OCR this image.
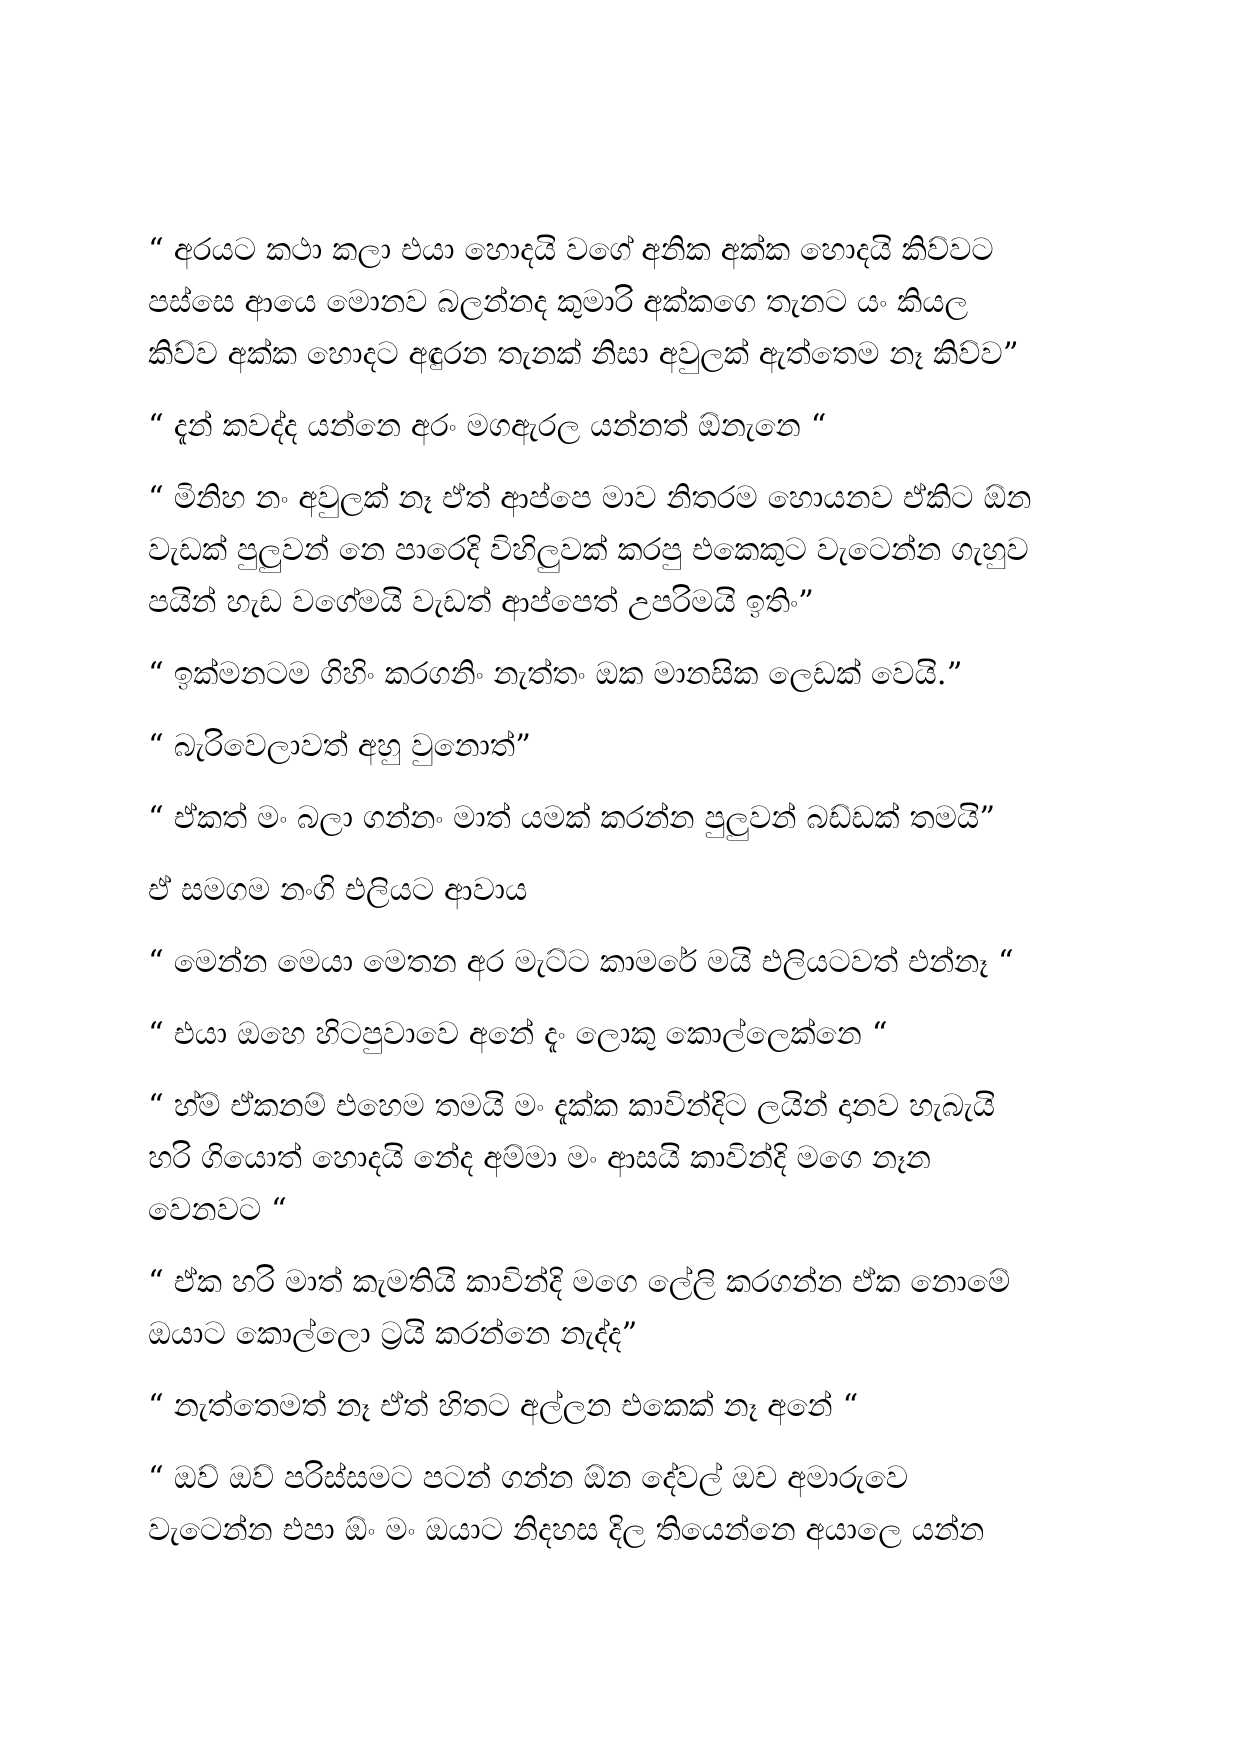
“ අරයට කථා කලා එයා හොදයි වගේ අනික අක්ක හොදයි කිව්වට
පස්සෙ ආයෙ මොනව බලන්නද කුමාරි අක්කගෙ තැනට යං කියල
කිව්ව අක්ක හොදට අඳුරන තැනක් නිසා අවුලක් ඇත්තෙම නෑ කිව්ව”

“ දැන් කවද්ද යන්නෙ අරං මගඇරල යන්නත් ඕනැනෙ “

“ මිනිහ නං අවුලක් නෑ ඒත් ආප්පෙ මාව නිතරම හොයනව ඒකිට ඕන
වැඩක් පුලුවන් නෙ පාරෙදි විහිලුවක් කරපු එකෙකුට වැටෙන්න ගැහුව
පයින් හැඩ වගේමයි වැඩත් ආප්පෙත් උපරිමයි ඉතිං”

“ ඉක්මනටම ගිහිං කරගනිං නැත්තං ඔක මානසික ලෙඩක් වෙයි.”

“ බැරිවෙලාවත් අහු වුනොත්”

“ ඒකත් මං බලා ගන්නං මාත් යමක් කරන්න පුලුවන් බඩ්ඩක් තමයි”

ඒ සමගම නංගි එලියට ආවාය

“ මෙන්න මෙයා මෙතන අර මැට්ට කාමරේ මයි එලියටවත් එන්නෑ “

“ එයා ඔහෙ හිටපුවාවෙ අනේ දැං ලොකු කොල්ලෙක්නෙ “

“ හ්ම් ඒකනම් එහෙම තමයි මං දැක්ක කාවින්දිට ලයින් දානව හැබැයි
හරි ගියොත් හොදයි නේද අම්මා මං ආසයි කාවින්දි මගෙ නෑන
වෙනවට “

“ ඒක හරි මාත් කැමතියි කාවින්දි මගෙ ලේලි කරගන්න ඒක නොමේ
ඔයාට කොල්ලො ට්‍රයි කරන්නෙ නැද්ද”

“ නැත්තෙමත් නෑ ඒත් හිතට අල්ලන එකෙක් නෑ අනේ “

“ ඔව් ඔව් පරිස්සමට පටන් ගන්න ඕන දේවල් ඔච අමාරුවෙ
වැටෙන්න එපා ඕං මං ඔයාට නිදහස දිල තියෙන්නෙ අයාලෙ යන්න
